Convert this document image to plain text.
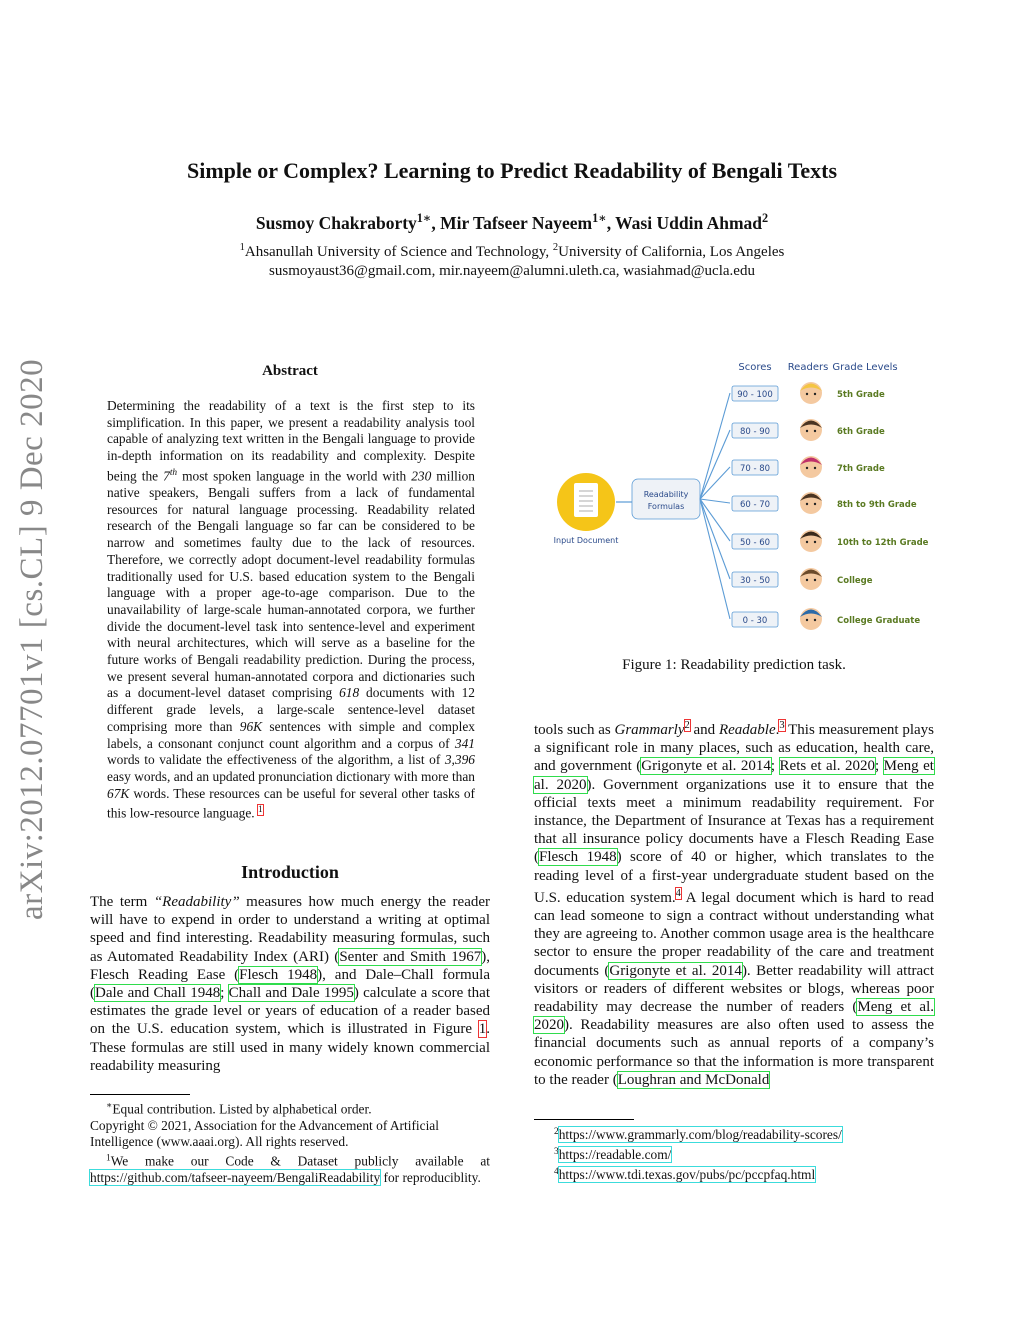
Simple or Complex? Learning to Predict Readability of Bengali Texts
Susmoy Chakraborty$^{1∗}$, Mir Tafseer Nayeem$^{1∗}$, Wasi Uddin Ahmad$^2$
$^1$Ahsanullah University of Science and Technology, $^2$University of California, Los Angeles
susmoyaust36@gmail.com, mir.nayeem@alumni.uleth.ca, wasiahmad@ucla.edu
arXiv:2012.07701v1 [cs.CL] 9 Dec 2020	Abstract
Determining the readability of a text is the first step to its simplification. In this paper, we present a readability analysis tool capable of analyzing text written in the Bengali language to provide in-depth information on its readability and complexity. Despite being the 7th most spoken language in the world with 230 million native speakers, Bengali suffers from a lack of fundamental resources for natural language processing. Readability related research of the Bengali language so far can be considered to be narrow and sometimes faulty due to the lack of resources. Therefore, we correctly adopt document-level readability formulas traditionally used for U.S. based education system to the Bengali language with a proper age-to-age comparison. Due to the unavailability of large-scale human-annotated corpora, we further divide the document-level task into sentence-level and experiment with neural architectures, which will serve as a baseline for the future works of Bengali readability prediction. During the process, we present several human-annotated corpora and dictionaries such as a document-level dataset comprising 618 documents with 12 different grade levels, a large-scale sentence-level dataset comprising more than 96K sentences with simple and complex labels, a consonant conjunct count algorithm and a corpus of 341 words to validate the effectiveness of the algorithm, a list of 3,396 easy words, and an updated pronunciation dictionary with more than 67K words. These resources can be useful for several other tasks of this low-resource language. $^1$
Introduction
The term “Readability” measures how much energy the reader will have to expend in order to understand a writing at optimal speed and find interesting. Readability measuring formulas, such as Automated Readability Index (ARI) (Senter and Smith 1967), Flesch Reading Ease (Flesch 1948), and Dale–Chall formula (Dale and Chall 1948; Chall and Dale 1995) calculate a score that estimates the grade level or years of education of a reader based on the U.S. education system, which is illustrated in Figure 1. These formulas are still used in many widely known commercial readability measuring
∗Equal contribution. Listed by alphabetical order.
Copyright © 2021, Association for the Advancement of Artificial Intelligence (www.aaai.org). All rights reserved.
$^1$We make our Code & Dataset publicly available at https://github.com/tafseer-nayeem/BengaliReadability for reproduciblity.
Scores Readers Grade Levels
Input Document
Readability
Formulas
90 - 100	5th Grade
80 - 90	6th Grade
70 - 80	7th Grade
60 - 70	8th to 9th Grade
50 - 60	10th to 12th Grade
30 - 50	College
0 - 30	College Graduate
Figure 1: Readability prediction task.
tools such as Grammarly$^2$ and Readable.$^3$ This measurement plays a significant role in many places, such as education, health care, and government (Grigonyte et al. 2014; Rets et al. 2020; Meng et al. 2020). Government organizations use it to ensure that the official texts meet a minimum readability requirement. For instance, the Department of Insurance at Texas has a requirement that all insurance policy documents have a Flesch Reading Ease (Flesch 1948) score of 40 or higher, which translates to the reading level of a first-year undergraduate student based on the U.S. education system.$^4$ A legal document which is hard to read can lead someone to sign a contract without understanding what they are agreeing to. Another common usage area is the healthcare sector to ensure the proper readability of the care and treatment documents (Grigonyte et al. 2014). Better readability will attract visitors or readers of different websites or blogs, whereas poor readability may decrease the number of readers (Meng et al. 2020). Readability measures are also often used to assess the financial documents such as annual reports of a company’s economic performance so that the information is more transparent to the reader (Loughran and McDonald
$^2$https://www.grammarly.com/blog/readability-scores/
$^3$https://readable.com/
$^4$https://www.tdi.texas.gov/pubs/pc/pccpfaq.html
